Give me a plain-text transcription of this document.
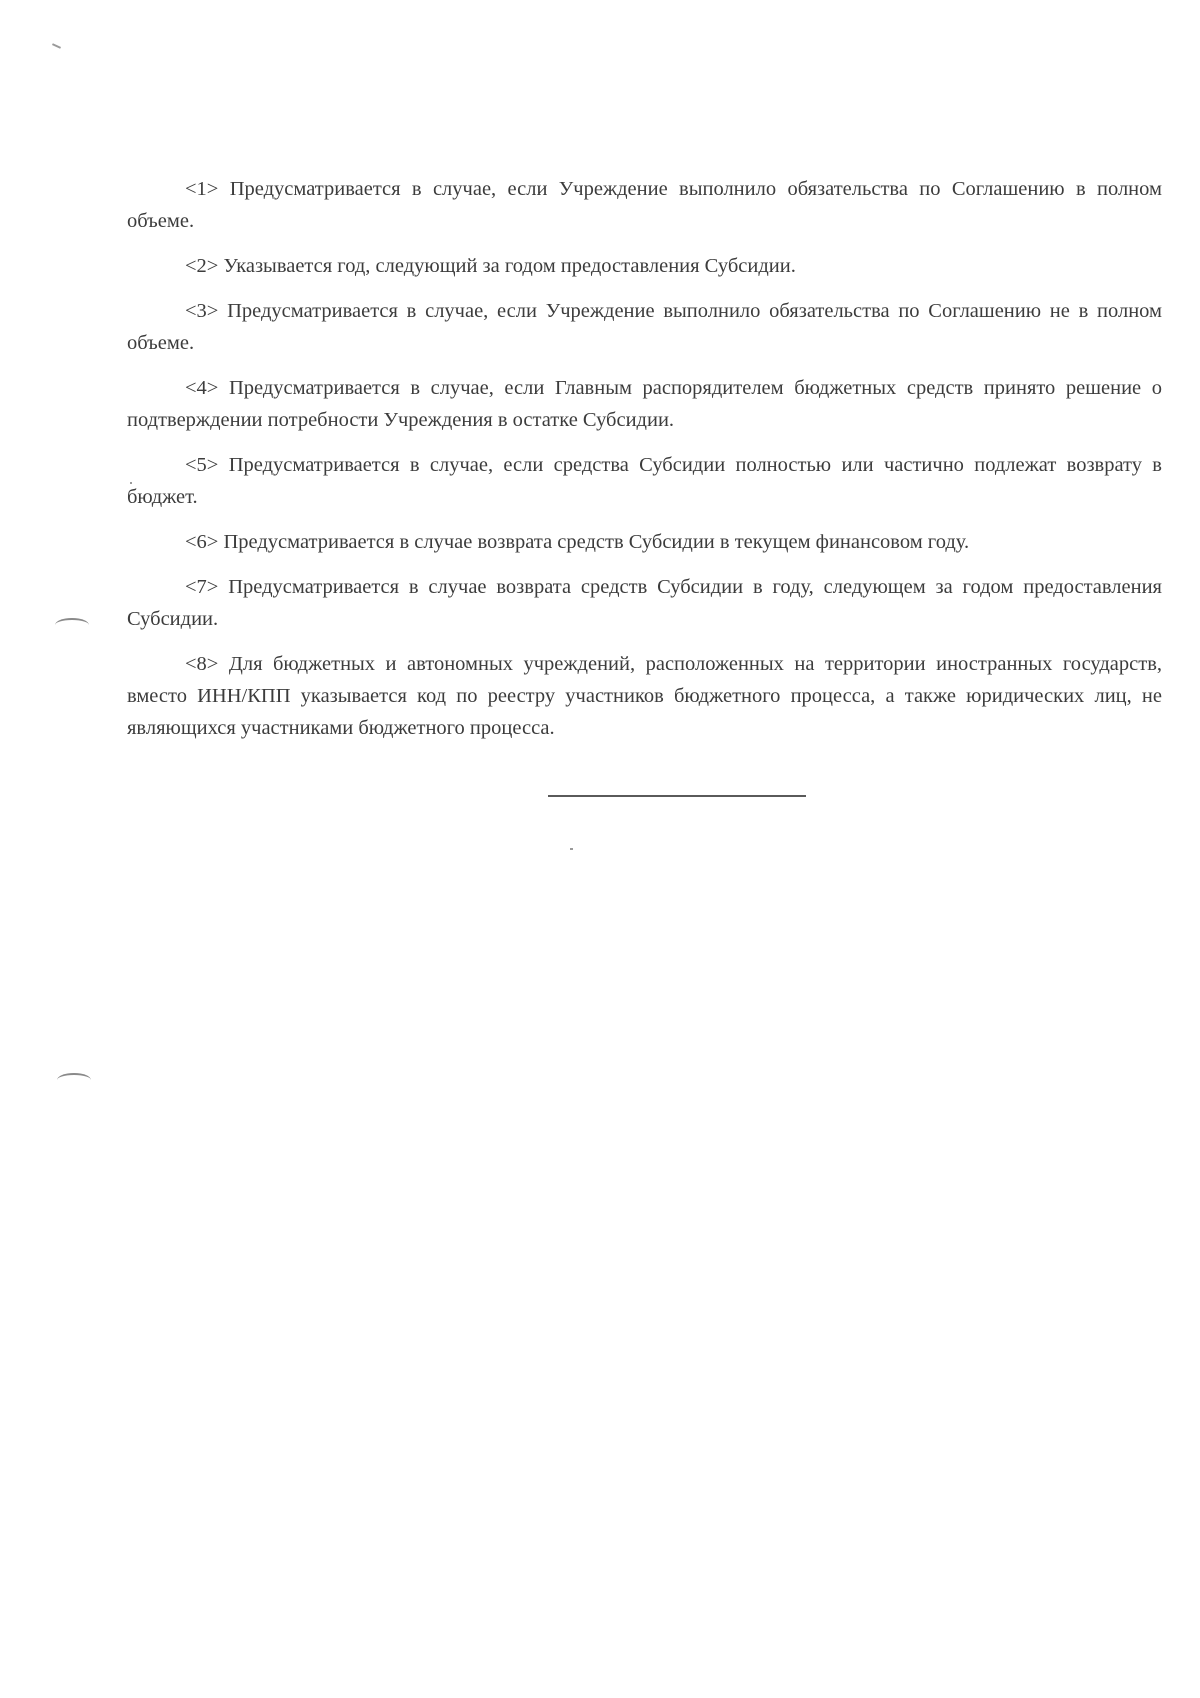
<1> Предусматривается в случае, если Учреждение выполнило обязательства по Соглашению в полном объеме.

<2> Указывается год, следующий за годом предоставления Субсидии.

<3> Предусматривается в случае, если Учреждение выполнило обязательства по Соглашению не в полном объеме.

<4> Предусматривается в случае, если Главным распорядителем бюджетных средств принято решение о подтверждении потребности Учреждения в остатке Субсидии.

<5> Предусматривается в случае, если средства Субсидии полностью или частично подлежат возврату в бюджет.

<6> Предусматривается в случае возврата средств Субсидии в текущем финансовом году.

<7> Предусматривается в случае возврата средств Субсидии в году, следующем за годом предоставления Субсидии.

<8> Для бюджетных и автономных учреждений, расположенных на территории иностранных государств, вместо ИНН/КПП указывается код по реестру участников бюджетного процесса, а также юридических лиц, не являющихся участниками бюджетного процесса.
